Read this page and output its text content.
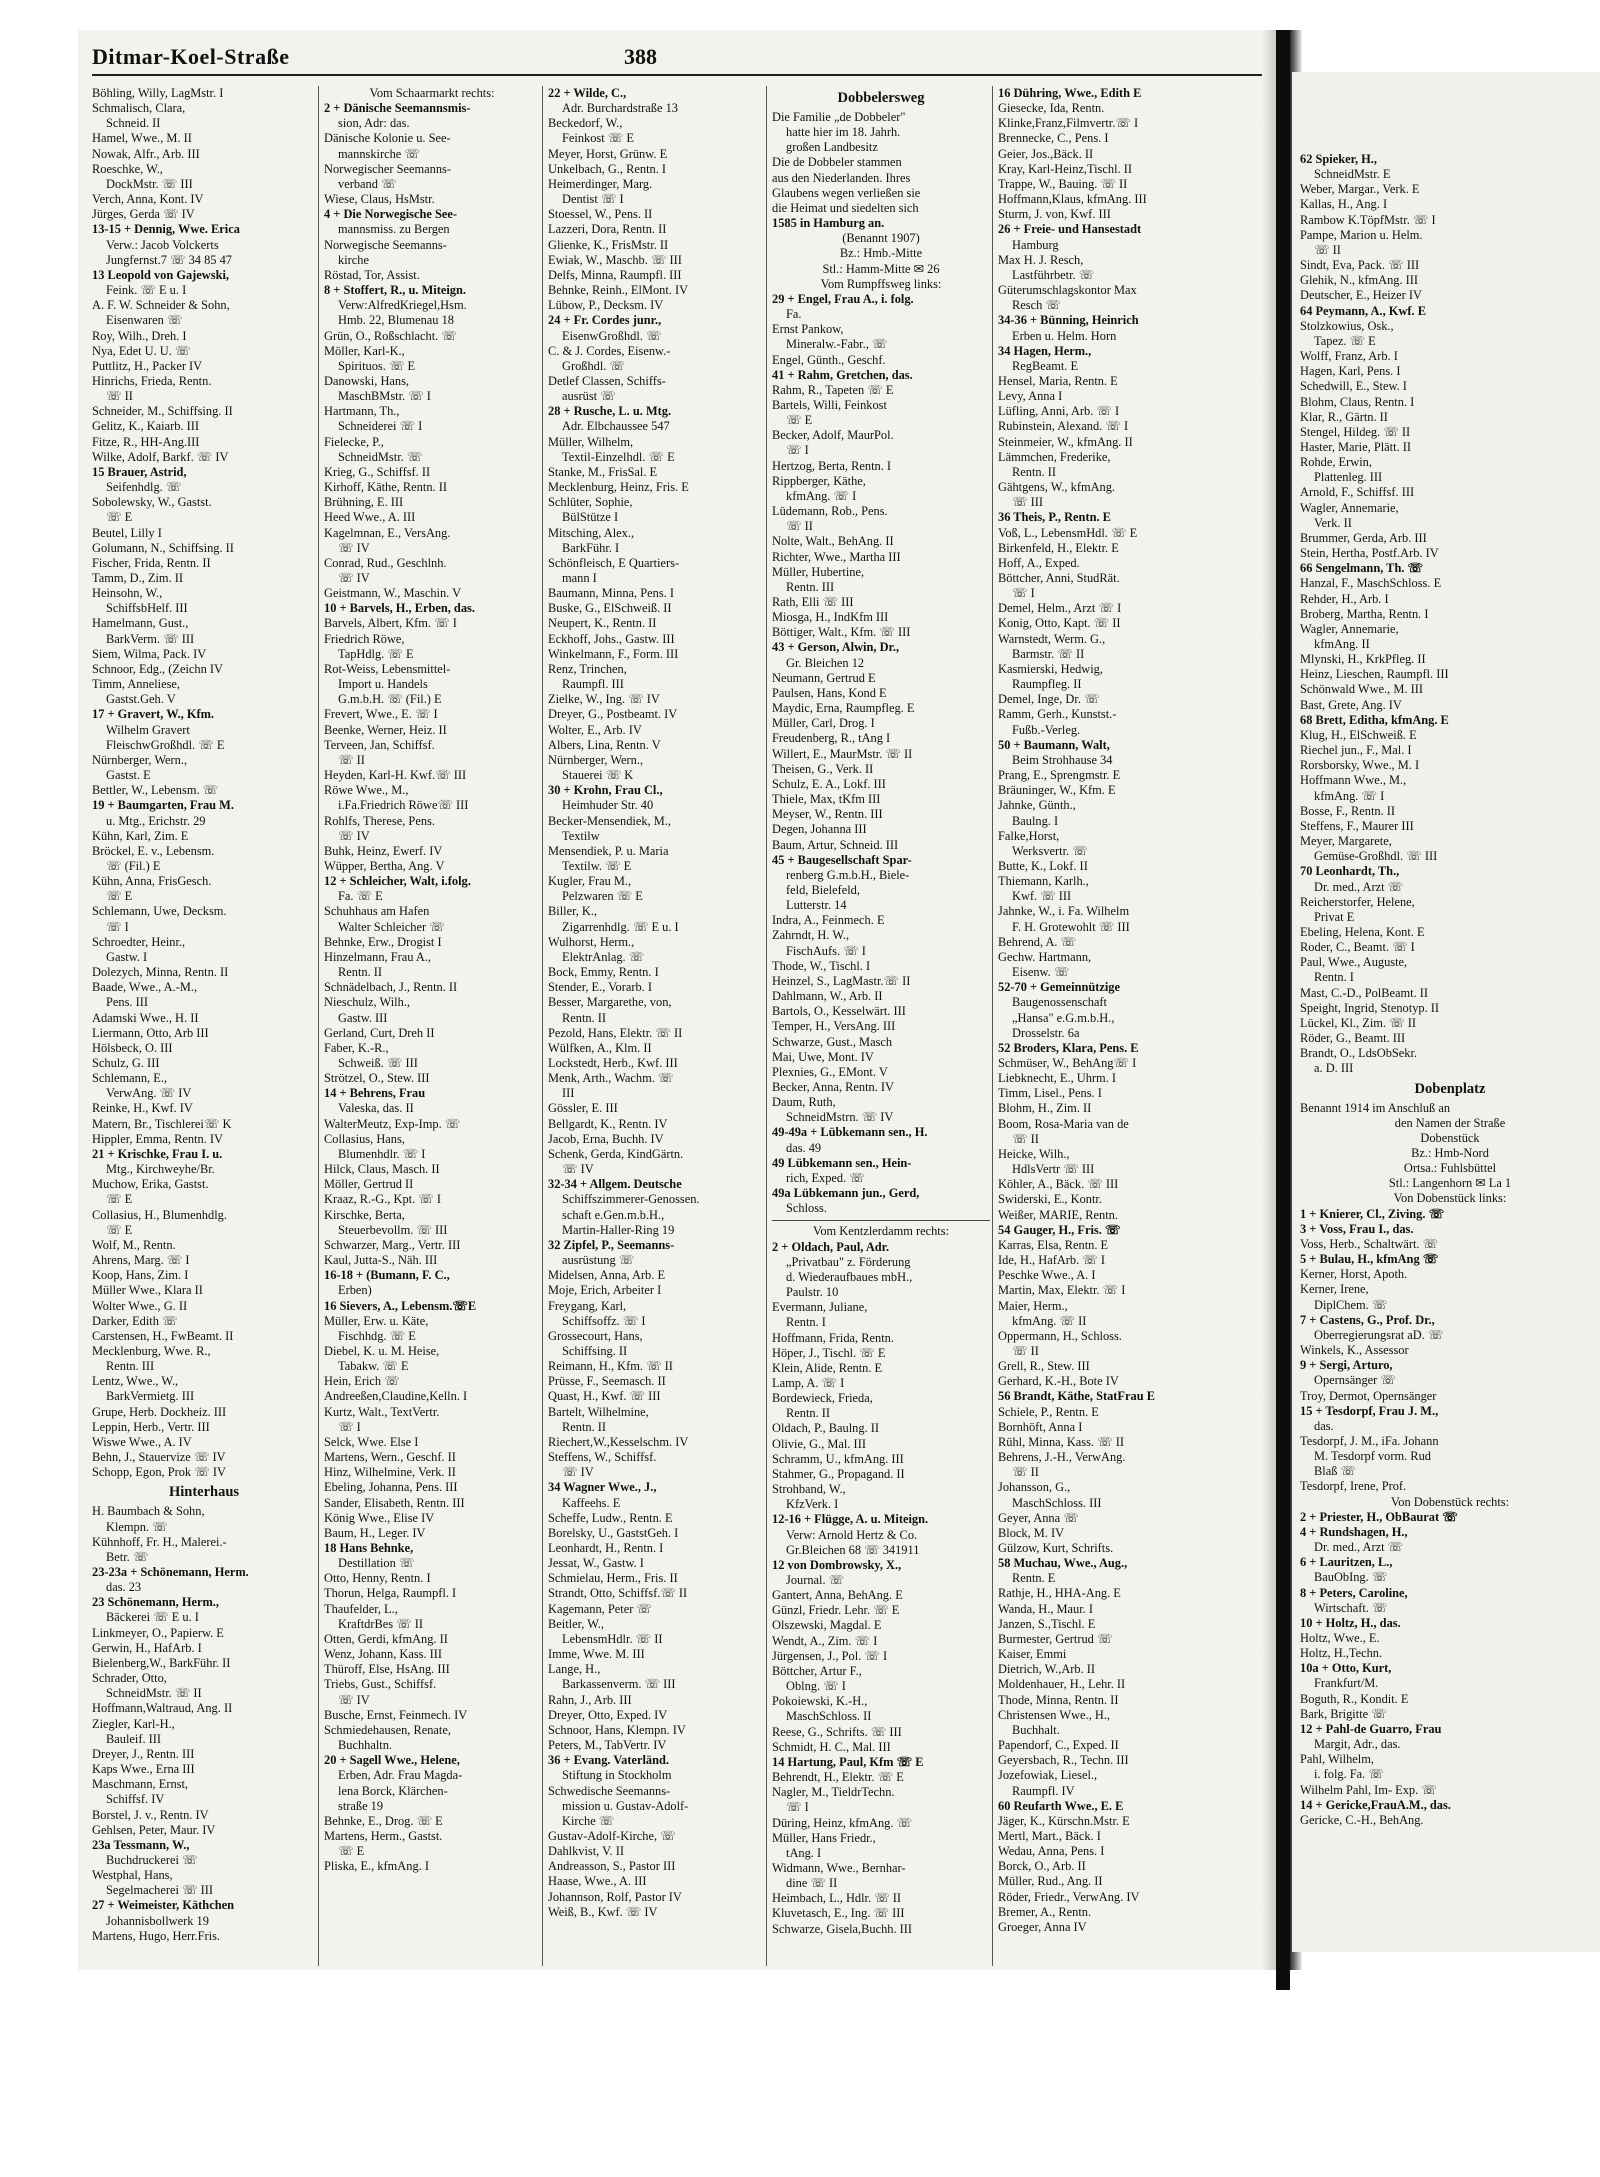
62 Spieker, H.,
SchneidMstr. E
Weber, Margar., Verk. E
Kallas, H., Ang. I
Rambow K.TöpfMstr. ☏ I
Pampe, Marion u. Helm.
☏ II
Sindt, Eva, Pack. ☏ III
Glehik, N., kfmAng. III
Deutscher, E., Heizer IV
64 Peymann, A., Kwf. E
Stolzkowius, Osk.,
Tapez. ☏ E
Wolff, Franz, Arb. I
Hagen, Karl, Pens. I
Schedwill, E., Stew. I
Blohm, Claus, Rentn. I
Klar, R., Gärtn. II
Stengel, Hildeg. ☏ II
Haster, Marie, Plätt. II
Rohde, Erwin,
Plattenleg. III
Arnold, F., Schiffsf. III
Wagler, Annemarie,
Verk. II
Brummer, Gerda, Arb. III
Stein, Hertha, Postf.Arb. IV
66 Sengelmann, Th. ☏
Hanzal, F., MaschSchloss. E
Rehder, H., Arb. I
Broberg, Martha, Rentn. I
Wagler, Annemarie,
kfmAng. II
Mlynski, H., KrkPfleg. II
Heinz, Lieschen, Raumpfl. III
Schönwald Wwe., M. III
Bast, Grete, Ang. IV
68 Brett, Editha, kfmAng. E
Klug, H., ElSchweiß. E
Riechel jun., F., Mal. I
Rorsborsky, Wwe., M. I
Hoffmann Wwe., M.,
kfmAng. ☏ I
Bosse, F., Rentn. II
Steffens, F., Maurer III
Meyer, Margarete,
Gemüse-Großhdl. ☏ III
70 Leonhardt, Th.,
Dr. med., Arzt ☏
Reicherstorfer, Helene,
Privat E
Ebeling, Helena, Kont. E
Roder, C., Beamt. ☏ I
Paul, Wwe., Auguste,
Rentn. I
Mast, C.-D., PolBeamt. II
Speight, Ingrid, Stenotyp. II
Lückel, Kl., Zim. ☏ II
Röder, G., Beamt. III
Brandt, O., LdsObSekr.
a. D. III
Dobenplatz
Benannt 1914 im Anschluß an
den Namen der Straße
Dobenstück
Bz.: Hmb-Nord
Ortsa.: Fuhlsbüttel
Stl.: Langenhorn ✉ La 1
Von Dobenstück links:
1 + Knierer, Cl., Ziving. ☏
3 + Voss, Frau I., das.
Voss, Herb., Schaltwärt. ☏
5 + Bulau, H., kfmAng ☏
Kerner, Horst, Apoth.
Kerner, Irene,
DiplChem. ☏
7 + Castens, G., Prof. Dr.,
Oberregierungsrat aD. ☏
Winkels, K., Assessor
9 + Sergi, Arturo,
Opernsänger ☏
Troy, Dermot, Opernsänger
15 + Tesdorpf, Frau J. M.,
das.
Tesdorpf, J. M., iFa. Johann
M. Tesdorpf vorm. Rud
Blaß ☏
Tesdorpf, Irene, Prof.
Von Dobenstück rechts:
2 + Priester, H., ObBaurat ☏
4 + Rundshagen, H.,
Dr. med., Arzt ☏
6 + Lauritzen, L.,
BauObIng. ☏
8 + Peters, Caroline,
Wirtschaft. ☏
10 + Holtz, H., das.
Holtz, Wwe., E.
Holtz, H.,Techn.
10a + Otto, Kurt,
Frankfurt/M.
Boguth, R., Kondit. E
Bark, Brigitte ☏
12 + Pahl-de Guarro, Frau
Margit, Adr., das.
Pahl, Wilhelm,
i. folg. Fa. ☏
Wilhelm Pahl, Im- Exp. ☏
14 + Gericke,FrauA.M., das.
Gericke, C.-H., BehAng.
Ditmar-Koel-Straße	388
Böhling, Willy, LagMstr. I
Schmalisch, Clara,
Schneid. II
Hamel, Wwe., M. II
Nowak, Alfr., Arb. III
Roeschke, W.,
DockMstr. ☏ III
Verch, Anna, Kont. IV
Jürges, Gerda ☏ IV
13-15 + Dennig, Wwe. Erica
Verw.: Jacob Volckerts
Jungfernst.7 ☏ 34 85 47
13 Leopold von Gajewski,
Feink. ☏ E u. I
A. F. W. Schneider & Sohn,
Eisenwaren ☏
Roy, Wilh., Dreh. I
Nya, Edet U. U. ☏
Puttlitz, H., Packer IV
Hinrichs, Frieda, Rentn.
☏ II
Schneider, M., Schiffsing. II
Gelitz, K., Kaiarb. III
Fitze, R., HH-Ang.III
Wilke, Adolf, Barkf. ☏ IV
15 Brauer, Astrid,
Seifenhdlg. ☏
Sobolewsky, W., Gastst.
☏ E
Beutel, Lilly I
Golumann, N., Schiffsing. II
Fischer, Frida, Rentn. II
Tamm, D., Zim. II
Heinsohn, W.,
SchiffsbHelf. III
Hamelmann, Gust.,
BarkVerm. ☏ III
Siem, Wilma, Pack. IV
Schnoor, Edg., (Zeichn IV
Timm, Anneliese,
Gastst.Geh. V
17 + Gravert, W., Kfm.
Wilhelm Gravert
FleischwGroßhdl. ☏ E
Nürnberger, Wern.,
Gastst. E
Bettler, W., Lebensm. ☏
19 + Baumgarten, Frau M.
u. Mtg., Erichstr. 29
Kühn, Karl, Zim. E
Bröckel, E. v., Lebensm.
☏ (Fil.) E
Kühn, Anna, FrisGesch.
☏ E
Schlemann, Uwe, Decksm.
☏ I
Schroedter, Heinr.,
Gastw. I
Dolezych, Minna, Rentn. II
Baade, Wwe., A.-M.,
Pens. III
Adamski Wwe., H. II
Liermann, Otto, Arb III
Hölsbeck, O. III
Schulz, G. III
Schlemann, E.,
VerwAng. ☏ IV
Reinke, H., Kwf. IV
Matern, Br., Tischlerei☏ K
Hippler, Emma, Rentn. IV
21 + Krischke, Frau I. u.
Mtg., Kirchweyhe/Br.
Muchow, Erika, Gastst.
☏ E
Collasius, H., Blumenhdlg.
☏ E
Wolf, M., Rentn.
Ahrens, Marg. ☏ I
Koop, Hans, Zim. I
Müller Wwe., Klara II
Wolter Wwe., G. II
Darker, Edith ☏
Carstensen, H., FwBeamt. II
Mecklenburg, Wwe. R.,
Rentn. III
Lentz, Wwe., W.,
BarkVermietg. III
Grupe, Herb. Dockheiz. III
Leppin, Herb., Vertr. III
Wiswe Wwe., A. IV
Behn, J., Stauervize ☏ IV
Schopp, Egon, Prok ☏ IV
Hinterhaus
H. Baumbach & Sohn,
Klempn. ☏
Kühnhoff, Fr. H., Malerei.-
Betr. ☏
23-23a + Schönemann, Herm.
das. 23
23 Schönemann, Herm.,
Bäckerei ☏ E u. I
Linkmeyer, O., Papierw. E
Gerwin, H., HafArb. I
Bielenberg,W., BarkFühr. II
Schrader, Otto,
SchneidMstr. ☏ II
Hoffmann,Waltraud, Ang. II
Ziegler, Karl-H.,
Bauleif. III
Dreyer, J., Rentn. III
Kaps Wwe., Erna III
Maschmann, Ernst,
Schiffsf. IV
Borstel, J. v., Rentn. IV
Gehlsen, Peter, Maur. IV
23a Tessmann, W.,
Buchdruckerei ☏
Westphal, Hans,
Segelmacherei ☏ III
27 + Weimeister, Käthchen
Johannisbollwerk 19
Martens, Hugo, Herr.Fris.
Vom Schaarmarkt rechts:
2 + Dänische Seemannsmis-
sion, Adr: das.
Dänische Kolonie u. See-
mannskirche ☏
Norwegischer Seemanns-
verband ☏
Wiese, Claus, HsMstr.
4 + Die Norwegische See-
mannsmiss. zu Bergen
Norwegische Seemanns-
kirche
Röstad, Tor, Assist.
8 + Stoffert, R., u. Miteign.
Verw:AlfredKriegel,Hsm.
Hmb. 22, Blumenau 18
Grün, O., Roßschlacht. ☏
Möller, Karl-K.,
Spirituos. ☏ E
Danowski, Hans,
MaschBMstr. ☏ I
Hartmann, Th.,
Schneiderei ☏ I
Fielecke, P.,
SchneidMstr. ☏
Krieg, G., Schiffsf. II
Kirhoff, Käthe, Rentn. II
Brühning, E. III
Heed Wwe., A. III
Kagelmnan, E., VersAng.
☏ IV
Conrad, Rud., Geschlnh.
☏ IV
Geistmann, W., Maschin. V
10 + Barvels, H., Erben, das.
Barvels, Albert, Kfm. ☏ I
Friedrich Röwe,
TapHdlg. ☏ E
Rot-Weiss, Lebensmittel-
Import u. Handels
G.m.b.H. ☏ (Fil.) E
Frevert, Wwe., E. ☏ I
Beenke, Werner, Heiz. II
Terveen, Jan, Schiffsf.
☏ II
Heyden, Karl-H. Kwf.☏ III
Röwe Wwe., M.,
i.Fa.Friedrich Röwe☏ III
Rohlfs, Therese, Pens.
☏ IV
Buhk, Heinz, Ewerf. IV
Wüpper, Bertha, Ang. V
12 + Schleicher, Walt, i.folg.
Fa. ☏ E
Schuhhaus am Hafen
Walter Schleicher ☏
Behnke, Erw., Drogist I
Hinzelmann, Frau A.,
Rentn. II
Schnädelbach, J., Rentn. II
Nieschulz, Wilh.,
Gastw. III
Gerland, Curt, Dreh II
Faber, K.-R.,
Schweiß. ☏ III
Strötzel, O., Stew. III
14 + Behrens, Frau
Valeska, das. II
WalterMeutz, Exp-Imp. ☏
Collasius, Hans,
Blumenhdlr. ☏ I
Hilck, Claus, Masch. II
Möller, Gertrud II
Kraaz, R.-G., Kpt. ☏ I
Kirschke, Berta,
Steuerbevollm. ☏ III
Schwarzer, Marg., Vertr. III
Kaul, Jutta-S., Näh. III
16-18 + (Bumann, F. C.,
Erben)
16 Sievers, A., Lebensm.☏E
Müller, Erw. u. Käte,
Fischhdg. ☏ E
Diebel, K. u. M. Heise,
Tabakw. ☏ E
Hein, Erich ☏
Andreeßen,Claudine,Kelln. I
Kurtz, Walt., TextVertr.
☏ I
Selck, Wwe. Else I
Martens, Wern., Geschf. II
Hinz, Wilhelmine, Verk. II
Ebeling, Johanna, Pens. III
Sander, Elisabeth, Rentn. III
König Wwe., Elise IV
Baum, H., Leger. IV
18 Hans Behnke,
Destillation ☏
Otto, Henny, Rentn. I
Thorun, Helga, Raumpfl. I
Thaufelder, L.,
KraftdrBes ☏ II
Otten, Gerdi, kfmAng. II
Wenz, Johann, Kass. III
Thüroff, Else, HsAng. III
Triebs, Gust., Schiffsf.
☏ IV
Busche, Ernst, Feinmech. IV
Schmiedehausen, Renate,
Buchhaltn.
20 + Sagell Wwe., Helene,
Erben, Adr. Frau Magda-
lena Borck, Klärchen-
straße 19
Behnke, E., Drog. ☏ E
Martens, Herm., Gastst.
☏ E
Pliska, E., kfmAng. I
22 + Wilde, C.,
Adr. Burchardstraße 13
Beckedorf, W.,
Feinkost ☏ E
Meyer, Horst, Grünw. E
Unkelbach, G., Rentn. I
Heimerdinger, Marg.
Dentist ☏ I
Stoessel, W., Pens. II
Lazzeri, Dora, Rentn. II
Glienke, K., FrisMstr. II
Ewiak, W., Maschb. ☏ III
Delfs, Minna, Raumpfl. III
Behnke, Reinh., ElMont. IV
Lübow, P., Decksm. IV
24 + Fr. Cordes junr.,
EisenwGroßhdl. ☏
C. & J. Cordes, Eisenw.-
Großhdl. ☏
Detlef Classen, Schiffs-
ausrüst ☏
28 + Rusche, L. u. Mtg.
Adr. Elbchaussee 547
Müller, Wilhelm,
Textil-Einzelhdl. ☏ E
Stanke, M., FrisSal. E
Mecklenburg, Heinz, Fris. E
Schlüter, Sophie,
BülStütze I
Mitsching, Alex.,
BarkFühr. I
Schönfleisch, E Quartiers-
mann I
Baumann, Minna, Pens. I
Buske, G., ElSchweiß. II
Neupert, K., Rentn. II
Eckhoff, Johs., Gastw. III
Winkelmann, F., Form. III
Renz, Trinchen,
Raumpfl. III
Zielke, W., Ing. ☏ IV
Dreyer, G., Postbeamt. IV
Wolter, E., Arb. IV
Albers, Lina, Rentn. V
Nürnberger, Wern.,
Stauerei ☏ K
30 + Krohn, Frau Cl.,
Heimhuder Str. 40
Becker-Mensendiek, M.,
Textilw
Mensendiek, P. u. Maria
Textilw. ☏ E
Kugler, Frau M.,
Pelzwaren ☏ E
Biller, K.,
Zigarrenhdlg. ☏ E u. I
Wulhorst, Herm.,
ElektrAnlag. ☏
Bock, Emmy, Rentn. I
Stender, E., Vorarb. I
Besser, Margarethe, von,
Rentn. II
Pezold, Hans, Elektr. ☏ II
Wülfken, A., Klm. II
Lockstedt, Herb., Kwf. III
Menk, Arth., Wachm. ☏
III
Gössler, E. III
Bellgardt, K., Rentn. IV
Jacob, Erna, Buchh. IV
Schenk, Gerda, KindGärtn.
☏ IV
32-34 + Allgem. Deutsche
Schiffszimmerer-Genossen.
schaft e.Gen.m.b.H.,
Martin-Haller-Ring 19
32 Zipfel, P., Seemanns-
ausrüstung ☏
Midelsen, Anna, Arb. E
Moje, Erich, Arbeiter I
Freygang, Karl,
Schiffsoffz. ☏ I
Grossecourt, Hans,
Schiffsing. II
Reimann, H., Kfm. ☏ II
Prüsse, F., Seemasch. II
Quast, H., Kwf. ☏ III
Bartelt, Wilhelmine,
Rentn. II
Riechert,W.,Kesselschm. IV
Steffens, W., Schiffsf.
☏ IV
34 Wagner Wwe., J.,
Kaffeehs. E
Scheffe, Ludw., Rentn. E
Borelsky, U., GaststGeh. I
Leonhardt, H., Rentn. I
Jessat, W., Gastw. I
Schmielau, Herm., Fris. II
Strandt, Otto, Schiffsf.☏ II
Kagemann, Peter ☏
Beitler, W.,
LebensmHdlr. ☏ II
Imme, Wwe. M. III
Lange, H.,
Barkassenverm. ☏ III
Rahn, J., Arb. III
Dreyer, Otto, Exped. IV
Schnoor, Hans, Klempn. IV
Peters, M., TabVertr. IV
36 + Evang. Vaterländ.
Stiftung in Stockholm
Schwedische Seemanns-
mission u. Gustav-Adolf-
Kirche ☏
Gustav-Adolf-Kirche, ☏
Dahlkvist, V. II
Andreasson, S., Pastor III
Haase, Wwe., A. III
Johannson, Rolf, Pastor IV
Weiß, B., Kwf. ☏ IV
Dobbelersweg
Die Familie „de Dobbeler"
hatte hier im 18. Jahrh.
großen Landbesitz
Die de Dobbeler stammen
aus den Niederlanden. Ihres
Glaubens wegen verließen sie
die Heimat und siedelten sich
1585 in Hamburg an.
(Benannt 1907)
Bz.: Hmb.-Mitte
Stl.: Hamm-Mitte ✉ 26
Vom Rumpffsweg links:
29 + Engel, Frau A., i. folg.
Fa.
Ernst Pankow,
Mineralw.-Fabr., ☏
Engel, Günth., Geschf.
41 + Rahm, Gretchen, das.
Rahm, R., Tapeten ☏ E
Bartels, Willi, Feinkost
☏ E
Becker, Adolf, MaurPol.
☏ I
Hertzog, Berta, Rentn. I
Rippberger, Käthe,
kfmAng. ☏ I
Lüdemann, Rob., Pens.
☏ II
Nolte, Walt., BehAng. II
Richter, Wwe., Martha III
Müller, Hubertine,
Rentn. III
Rath, Elli ☏ III
Miosga, H., IndKfm III
Böttiger, Walt., Kfm. ☏ III
43 + Gerson, Alwin, Dr.,
Gr. Bleichen 12
Neumann, Gertrud E
Paulsen, Hans, Kond E
Maydic, Erna, Raumpfleg. E
Müller, Carl, Drog. I
Freudenberg, R., tAng I
Willert, E., MaurMstr. ☏ II
Theisen, G., Verk. II
Schulz, E. A., Lokf. III
Thiele, Max, tKfm III
Meyser, W., Rentn. III
Degen, Johanna III
Baum, Artur, Schneid. III
45 + Baugesellschaft Spar-
renberg G.m.b.H., Biele-
feld, Bielefeld,
Lutterstr. 14
Indra, A., Feinmech. E
Zahrndt, H. W.,
FischAufs. ☏ I
Thode, W., Tischl. I
Heinzel, S., LagMastr.☏ II
Dahlmann, W., Arb. II
Bartols, O., Kesselwärt. III
Temper, H., VersAng. III
Schwarze, Gust., Masch
Mai, Uwe, Mont. IV
Plexnies, G., EMont. V
Becker, Anna, Rentn. IV
Daum, Ruth,
SchneidMstrn. ☏ IV
49-49a + Lübkemann sen., H.
das. 49
49 Lübkemann sen., Hein-
rich, Exped. ☏
49a Lübkemann jun., Gerd,
Schloss.
Vom Kentzlerdamm rechts:
2 + Oldach, Paul, Adr.
„Privatbau" z. Förderung
d. Wiederaufbaues mbH.,
Paulstr. 10
Evermann, Juliane,
Rentn. I
Hoffmann, Frida, Rentn.
Höper, J., Tischl. ☏ E
Klein, Alide, Rentn. E
Lamp, A. ☏ I
Bordewieck, Frieda,
Rentn. II
Oldach, P., Baulng. II
Olivie, G., Mal. III
Schramm, U., kfmAng. III
Stahmer, G., Propagand. II
Strohband, W.,
KfzVerk. I
12-16 + Flügge, A. u. Miteign.
Verw: Arnold Hertz & Co.
Gr.Bleichen 68 ☏ 341911
12 von Dombrowsky, X.,
Journal. ☏
Gantert, Anna, BehAng. E
Günzl, Friedr. Lehr. ☏ E
Olszewski, Magdal. E
Wendt, A., Zim. ☏ I
Jürgensen, J., Pol. ☏ I
Böttcher, Artur F.,
Oblng. ☏ I
Pokoiewski, K.-H.,
MaschSchloss. II
Reese, G., Schrifts. ☏ III
Schmidt, H. C., Mal. III
14 Hartung, Paul, Kfm ☏ E
Behrendt, H., Elektr. ☏ E
Nagler, M., TieldrTechn.
☏ I
Düring, Heinz, kfmAng. ☏
Müller, Hans Friedr.,
tAng. I
Widmann, Wwe., Bernhar-
dine ☏ II
Heimbach, L., Hdlr. ☏ II
Kluvetasch, E., Ing. ☏ III
Schwarze, Gisela,Buchh. III
16 Dühring, Wwe., Edith E
Giesecke, Ida, Rentn.
Klinke,Franz,Filmvertr.☏ I
Brennecke, C., Pens. I
Geier, Jos.,Bäck. II
Kray, Karl-Heinz,Tischl. II
Trappe, W., Bauing. ☏ II
Hoffmann,Klaus, kfmAng. III
Sturm, J. von, Kwf. III
26 + Freie- und Hansestadt
Hamburg
Max H. J. Resch,
Lastführbetr. ☏
Güterumschlagskontor Max
Resch ☏
34-36 + Bünning, Heinrich
Erben u. Helm. Horn
34 Hagen, Herm.,
RegBeamt. E
Hensel, Maria, Rentn. E
Levy, Anna I
Lüfling, Anni, Arb. ☏ I
Rubinstein, Alexand. ☏ I
Steinmeier, W., kfmAng. II
Lämmchen, Frederike,
Rentn. II
Gähtgens, W., kfmAng.
☏ III
36 Theis, P., Rentn. E
Voß, L., LebensmHdl. ☏ E
Birkenfeld, H., Elektr. E
Hoff, A., Exped.
Böttcher, Anni, StudRät.
☏ I
Demel, Helm., Arzt ☏ I
Konig, Otto, Kapt. ☏ II
Warnstedt, Werm. G.,
Barmstr. ☏ II
Kasmierski, Hedwig,
Raumpfleg. II
Demel, Inge, Dr. ☏
Ramm, Gerh., Kunstst.-
Fußb.-Verleg.
50 + Baumann, Walt,
Beim Strohhause 34
Prang, E., Sprengmstr. E
Bräuninger, W., Kfm. E
Jahnke, Günth.,
Baulng. I
Falke,Horst,
Werksvertr. ☏
Butte, K., Lokf. II
Thiemann, Karlh.,
Kwf. ☏ III
Jahnke, W., i. Fa. Wilhelm
F. H. Grotewohlt ☏ III
Behrend, A. ☏
Gechw. Hartmann,
Eisenw. ☏
52-70 + Gemeinnützige
Baugenossenschaft
„Hansa" e.G.m.b.H.,
Drosselstr. 6a
52 Broders, Klara, Pens. E
Schmüser, W., BehAng☏ I
Liebknecht, E., Uhrm. I
Timm, Lisel., Pens. I
Blohm, H., Zim. II
Boom, Rosa-Maria van de
☏ II
Heicke, Wilh.,
HdlsVertr ☏ III
Köhler, A., Bäck. ☏ III
Swiderski, E., Kontr.
Weißer, MARIE, Rentn.
54 Gauger, H., Fris. ☏
Karras, Elsa, Rentn. E
Ide, H., HafArb. ☏ I
Peschke Wwe., A. I
Martin, Max, Elektr. ☏ I
Maier, Herm.,
kfmAng. ☏ II
Oppermann, H., Schloss.
☏ II
Grell, R., Stew. III
Gerhard, K.-H., Bote IV
56 Brandt, Käthe, StatFrau E
Schiele, P., Rentn. E
Bornhöft, Anna I
Rühl, Minna, Kass. ☏ II
Behrens, J.-H., VerwAng.
☏ II
Johansson, G.,
MaschSchloss. III
Geyer, Anna ☏
Block, M. IV
Gülzow, Kurt, Schrifts.
58 Muchau, Wwe., Aug.,
Rentn. E
Rathje, H., HHA-Ang. E
Wanda, H., Maur. I
Janzen, S.,Tischl. E
Burmester, Gertrud ☏
Kaiser, Emmi
Dietrich, W.,Arb. II
Moldenhauer, H., Lehr. II
Thode, Minna, Rentn. II
Christensen Wwe., H.,
Buchhalt.
Papendorf, C., Exped. II
Geyersbach, R., Techn. III
Jozefowiak, Liesel.,
Raumpfl. IV
60 Reufarth Wwe., E. E
Jäger, K., Kürschn.Mstr. E
Mertl, Mart., Bäck. I
Wedau, Anna, Pens. I
Borck, O., Arb. II
Müller, Rud., Ang. II
Röder, Friedr., VerwAng. IV
Bremer, A., Rentn.
Groeger, Anna IV
